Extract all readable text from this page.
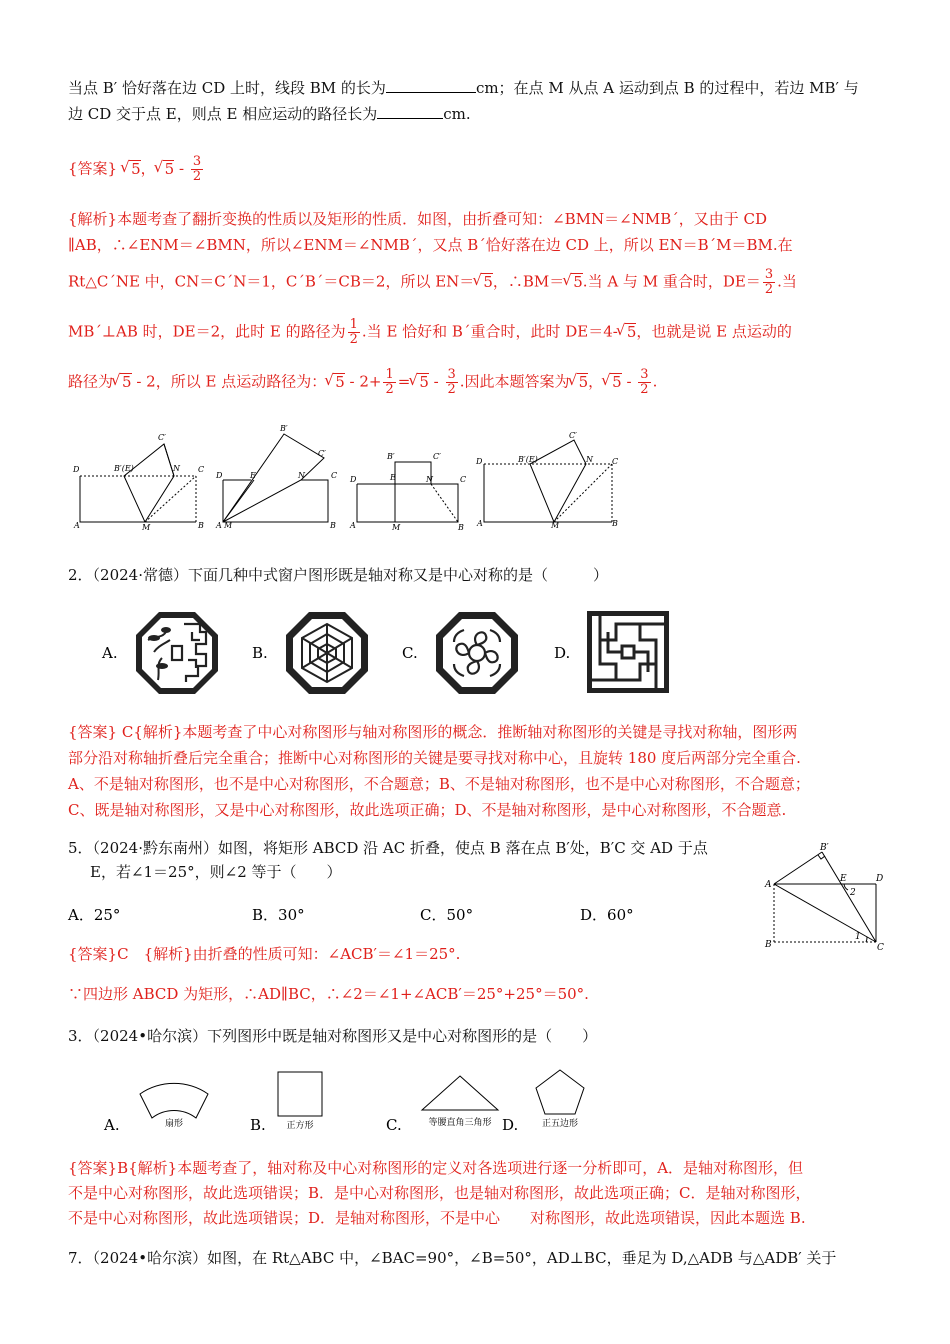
当点 B′ 恰好落在边 CD 上时，线段 BM 的长为	cm；在点 M 从点 A 运动到点 B 的过程中，若边 MB′ 与
边 CD 交于点 E，则点 E 相应运动的路径长为	cm.
{答案} √ 5， √ $5 - \frac{3}{2}$
{解析}本题考查了翻折变换的性质以及矩形的性质．如图，由折叠可知：∠BMN＝∠NMB´，又由于 CD
∥AB，∴∠ENM＝∠BMN，所以∠ENM＝∠NMB´，又点 B´恰好落在边 CD 上，所以 EN＝B´M＝BM.在
Rt△C´NE 中，CN＝C´N＝1，C´B´＝CB＝2，所以 EN＝ √ 5，∴BM＝ √ 5.当 A 与 M 重合时，$DE= \frac{3}{2}$ .当
MB´⊥AB 时，DE＝2，此时 E 的路径为 $\frac{1}{2}$ .当 E 恰好和 B´重合时，此时 DE＝4- √ 5，也就是说 E 点运动的
路径为 √ 5 - 2，所以 E 点运动路径为： √ $5 - 2+ \frac{1}{2}$ = √ $5 - \frac{3}{2}$ .因此本题答案为 √ 5， √ $5 - \frac{3}{2}$ .
D	B′(E)
C′
N C
A	M	B
D
B′
E	N
C′
C
A M	B
D
B′	C′
E	N	C
A	M	B
D	B′(E)
C′
N C
A	M	B
2．（2024·常德）下面几种中式窗户图形既是轴对称又是中心对称的是（　　　）
A.	B.	C.	D.
{答案} C{解析}本题考查了中心对称图形与轴对称图形的概念．推断轴对称图形的关键是寻找对称轴，图形两
部分沿对称轴折叠后完全重合；推断中心对称图形的关键是要寻找对称中心，且旋转 180 度后两部分完全重合.
A、不是轴对称图形，也不是中心对称图形，不合题意；B、不是轴对称图形，也不是中心对称图形，不合题意；
C、既是轴对称图形，又是中心对称图形，故此选项正确；D、不是轴对称图形，是中心对称图形，不合题意.
5．（2024·黔东南州）如图，将矩形 ABCD 沿 AC 折叠，使点 B 落在点 B′处，B′C 交 AD 于点
E，若∠1＝25°，则∠2 等于（　　）
A．25°	B．30°	C．50°	D．60°
A
B	C
D
E
B′
1
2
{答案}C　{解析}由折叠的性质可知：∠ACB′＝∠1＝25°.
∵四边形 ABCD 为矩形，∴AD∥BC，∴∠2＝∠1+∠ACB′＝25°+25°＝50°.
3．（2024•哈尔滨）下列图形中既是轴对称图形又是中心对称图形的是（　　）
A.	扇形	B. 正方形	C.	等腰直角三角形 D.	正五边形
{答案}B{解析}本题考查了，轴对称及中心对称图形的定义对各选项进行逐一分析即可，A．是轴对称图形，但
不是中心对称图形，故此选项错误；B．是中心对称图形，也是轴对称图形，故此选项正确；C．是轴对称图形，
不是中心对称图形，故此选项错误；D．是轴对称图形，不是中心　　对称图形，故此选项错误，因此本题选 B.
7．（2024•哈尔滨）如图，在 Rt△ABC 中，∠BAC=90°，∠B=50°，AD⊥BC，垂足为 D,△ADB 与△ADB′ 关于
